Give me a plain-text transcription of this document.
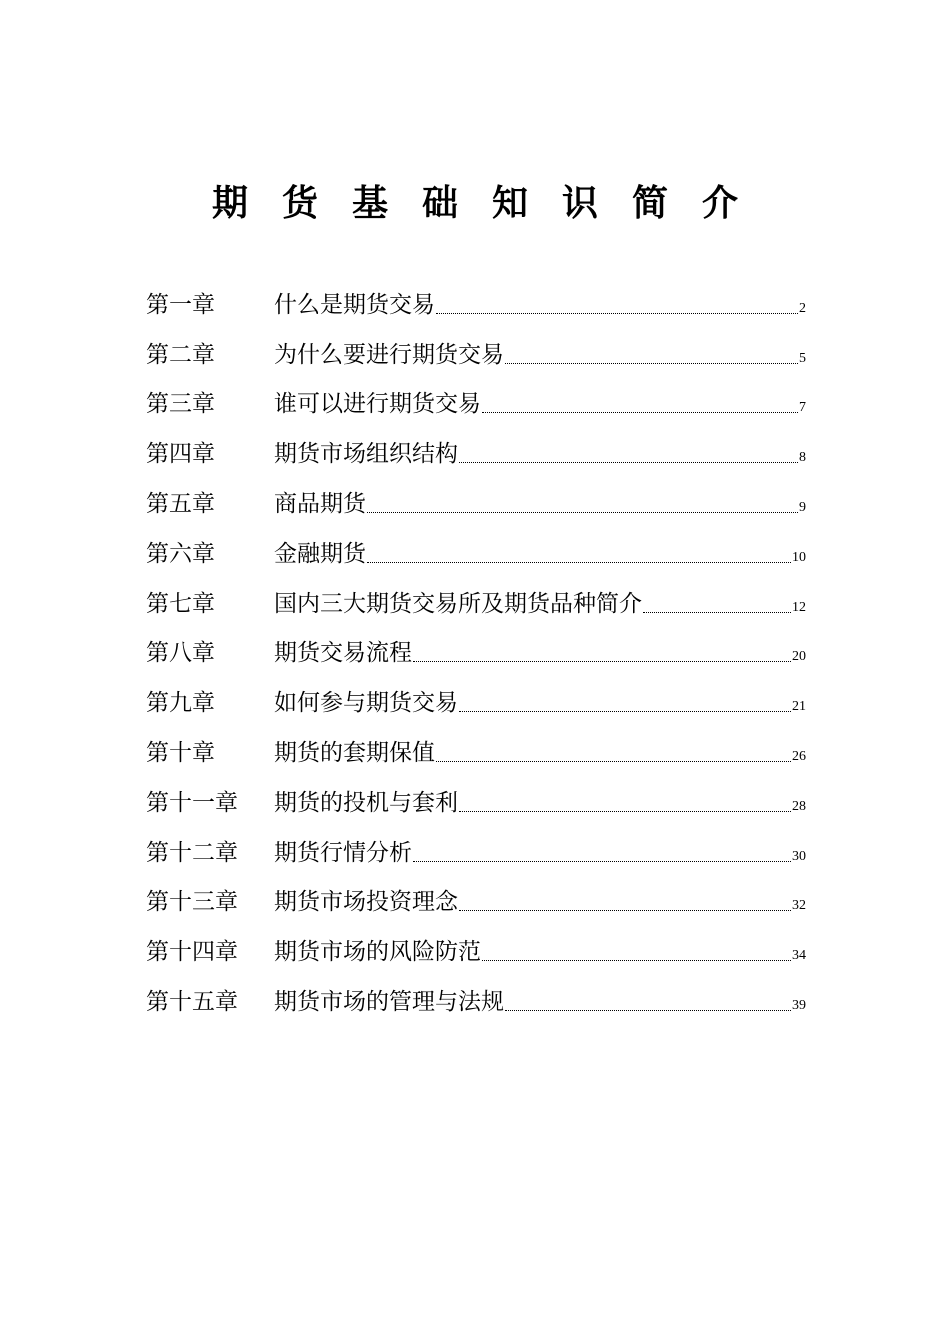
期货基础知识简介
第一章	什么是期货交易	2
第二章	为什么要进行期货交易	5
第三章	谁可以进行期货交易	7
第四章	期货市场组织结构	8
第五章	商品期货	9
第六章	金融期货	10
第七章	国内三大期货交易所及期货品种简介	12
第八章	期货交易流程	20
第九章	如何参与期货交易	21
第十章	期货的套期保值	26
第十一章	期货的投机与套利	28
第十二章	期货行情分析	30
第十三章	期货市场投资理念	32
第十四章	期货市场的风险防范	34
第十五章	期货市场的管理与法规	39
